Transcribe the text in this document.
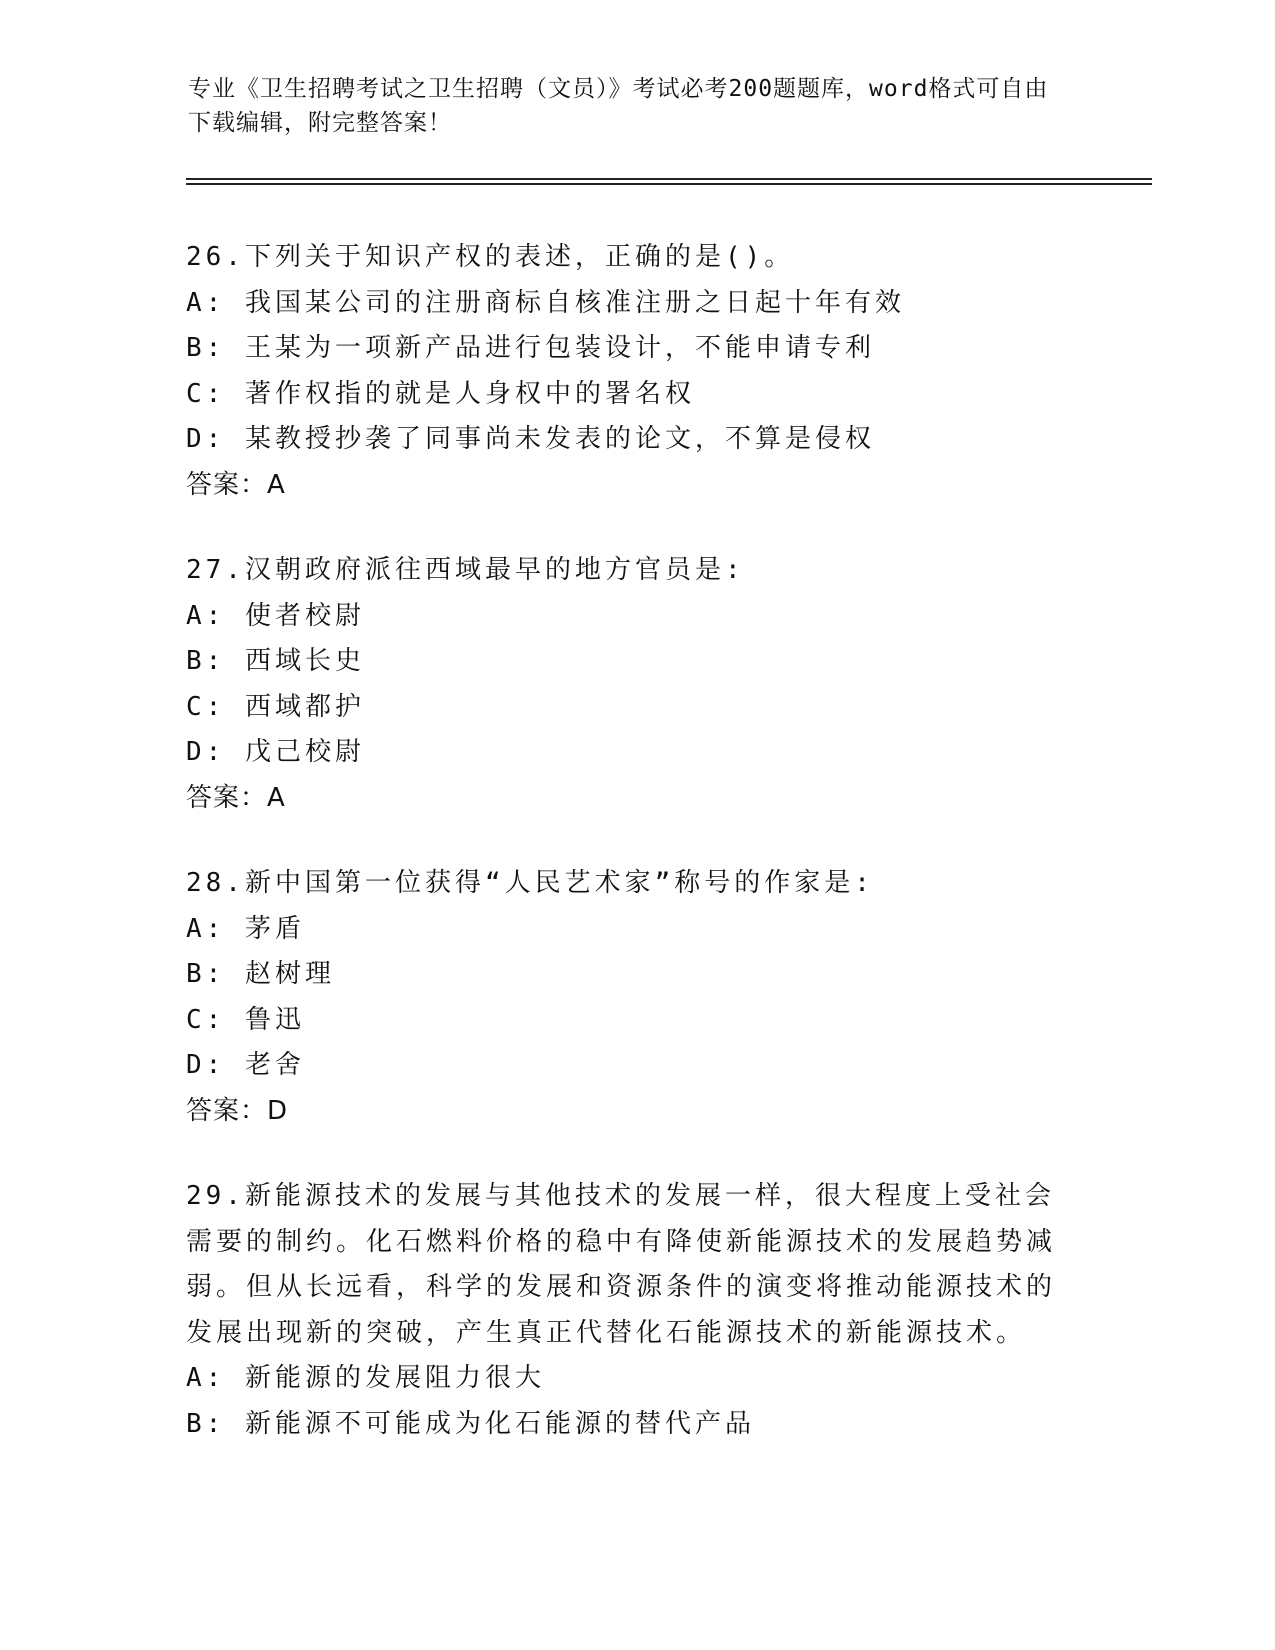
专业《卫生招聘考试之卫生招聘（文员）》考试必考200题题库，word格式可自由下载编辑，附完整答案！
26.下列关于知识产权的表述，正确的是()。
A: 我国某公司的注册商标自核准注册之日起十年有效
B: 王某为一项新产品进行包装设计，不能申请专利
C: 著作权指的就是人身权中的署名权
D: 某教授抄袭了同事尚未发表的论文，不算是侵权
答案：A
27.汉朝政府派往西域最早的地方官员是:
A: 使者校尉
B: 西域长史
C: 西域都护
D: 戊己校尉
答案：A
28.新中国第一位获得“人民艺术家”称号的作家是:
A: 茅盾
B: 赵树理
C: 鲁迅
D: 老舍
答案：D
29.新能源技术的发展与其他技术的发展一样，很大程度上受社会需要的制约。化石燃料价格的稳中有降使新能源技术的发展趋势减弱。但从长远看，科学的发展和资源条件的演变将推动能源技术的发展出现新的突破，产生真正代替化石能源技术的新能源技术。
A: 新能源的发展阻力很大
B: 新能源不可能成为化石能源的替代产品
